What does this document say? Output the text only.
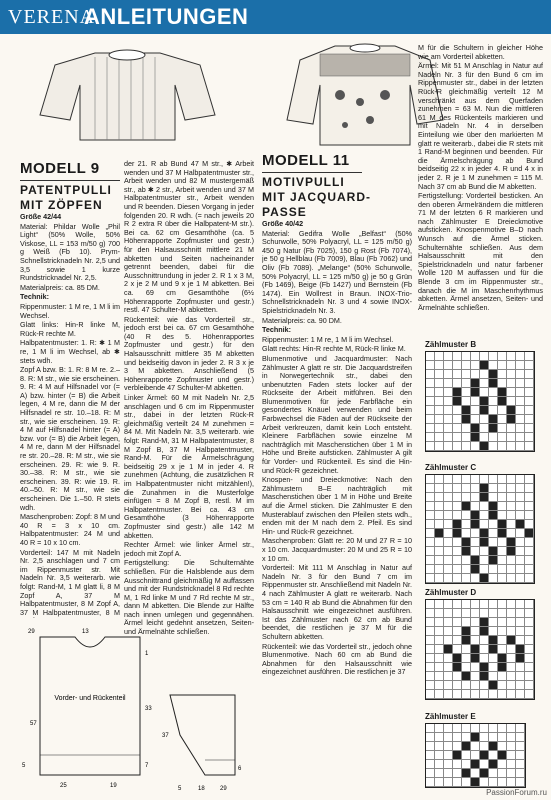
VERENA
ANLEITUNGEN

MODELL 9

PATENTPULLI

MIT ZÖPFEN

Größe 42/44

Material: Phildar Wolle „Phil Light“ (50% Wolle, 50% Viskose, LL = 153 m/50 g) 700 g Weiß (Fb 10). Prym-Schnellstricknadeln Nr. 2,5 und 3,5 sowie 1 kurze Rundstricknadel Nr. 2,5.

Materialpreis: ca. 85 DM.

Technik:

Rippenmuster: 1 M re, 1 M li im Wechsel.

Glatt links: Hin-R linke M, Rück-R rechte M.

Halbpatentmuster: 1. R: ✱ 1 M re, 1 M li im Wechsel, ab ✱ stets wdh.

Zopf A bzw. B: 1. R: 8 M re. 2.–8. R: M str., wie sie erscheinen. 9. R: 4 M auf Hilfsnadel vor (= A) bzw. hinter (= B) die Arbeit legen, 4 M re, dann die M der Hilfsnadel re str. 10.–18. R: M str., wie sie erscheinen. 19. R: 4 M auf Hilfsnadel hinter (= A) bzw. vor (= B) die Arbeit legen, 4 M re, dann M der Hilfsnadel re str. 20.–28. R: M str., wie sie erscheinen. 29. R: wie 9. R. 30.–38. R: M str., wie sie erscheinen. 39. R: wie 19. R. 40.–50. R: M str., wie sie erscheinen. Die 1.–50. R stets wdh.

Maschenproben: Zopf: 8 M und 40 R = 3 x 10 cm. Halbpatentmuster: 24 M und 40 R = 10 x 10 cm.

Vorderteil: 147 M mit Nadeln Nr. 2,5 anschlagen und 7 cm im Rippenmuster str. Mit Nadeln Nr. 3,5 weiterarb. wie folgt: Rand-M, 1 M glatt li, 8 M Zopf A, 37 M Halbpatentmuster, 8 M Zopf A, 37 M Halbpatentmuster, 8 M

der 21. R ab Bund 47 M str., ✱ Arbeit wenden und 37 M Halbpatentmuster str., Arbeit wenden und 82 M mustergemäß str., ab ✱ 2 str., Arbeit wenden und 37 M Halbpatentmuster str., Arbeit wenden und R beenden. Diesen Vorgang in jeder folgenden 20. R wdh. (= nach jeweils 20 R 2 extra R über die Halbpatent-M str.). Bei ca. 62 cm Gesamthöhe (ca. 5 Höhenrapporte Zopfmuster und gestr.) für den Halsausschnitt mittlere 21 M abketten und Seiten nacheinander getrennt beenden, dabei für die Ausschnittrundung in jeder 2. R 1 x 3 M, 2 x je 2 M und 9 x je 1 M abketten. Bei ca. 69 cm Gesamthöhe (6½ Höhenrapporte Zopfmuster und gestr.) restl. 47 Schulter-M abketten.

Rückenteil: wie das Vorderteil str., jedoch erst bei ca. 67 cm Gesamthöhe (40 R des 5. Höhenrapportes Zopfmuster und gestr.) für den Halsausschnitt mittlere 35 M abketten und beidseitig davon in jeder 2. R 3 x je 3 M abketten. Anschließend (5 Höhenrapporte Zopfmuster und gestr.) verbleibende 47 Schulter-M abketten.

Linker Ärmel: 60 M mit Nadeln Nr. 2,5 anschlagen und 6 cm im Rippenmuster str., dabei in der letzten Rück-R gleichmäßig verteilt 24 M zunehmen = 84 M. Mit Nadeln Nr. 3,5 weiterarb. wie folgt: Rand-M, 31 M Halbpatentmuster, 8 M Zopf B, 37 M Halbpatentmuster, Rand-M. Für die Ärmelschrägung beidseitig 29 x je 1 M in jeder 4. R zunehmen (Achtung, die zusätzlichen R im Halbpatentmuster nicht mitzählen!), die Zunahmen in die Musterfolge einfügen = 8 M Zopf B, restl. M im Halbpatentmuster. Bei ca. 43 cm Gesamthöhe (3 Höhenrapporte Zopfmuster sind gestr.) alle 142 M abketten.

Rechter Ärmel: wie linker Ärmel str., jedoch mit Zopf A.

Fertigstellung: Die Schulternähte schließen. Für die Halsblende aus dem Ausschnittrand gleichmäßig M auffassen und mit der Rundstricknadel 8 Rd rechte M, 1 Rd linke M und 7 Rd rechte M str., dann M abketten. Die Blende zur Hälfte nach innen umlegen und gegennähen. Ärmel leicht gedehnt ansetzen, Seiten- und Ärmelnähte schließen.

Vorder- und Rückenteil
29
1
33
7
57
25	19
13
5
18
37
6
29
5

MODELL 11

MOTIVPULLI

MIT JACQUARD-

PASSE

Größe 40/42

Material: Gedifra Wolle „Belfast“ (50% Schurwolle, 50% Polyacryl, LL = 125 m/50 g) 450 g Natur (Fb 7025), 150 g Rost (Fb 7074), je 50 g Hellblau (Fb 7009), Blau (Fb 7062) und Oliv (Fb 7089). „Melange“ (50% Schurwolle, 50% Polyacryl, LL = 125 m/50 g) je 50 g Grün (Fb 1469), Beige (Fb 1427) und Bernstein (Fb 1474). Ein Wollrest in Braun. INOX-Trio-Schnellstricknadeln Nr. 3 und 4 sowie INOX-Spielstricknadeln Nr. 3.

Materialpreis: ca. 90 DM.

Technik:

Rippenmuster: 1 M re, 1 M li im Wechsel.

Glatt rechts: Hin-R rechte M, Rück-R linke M.

Blumenmotive und Jacquardmuster: Nach Zählmuster A glatt re str. Die Jacquardstreifen in Norwegertechnik str., dabei den unbenutzten Faden stets locker auf der Rückseite der Arbeit mitführen. Bei den Blumenmotiven für jede Farbfläche ein gesondertes Knäuel verwenden und beim Farbwechsel die Fäden auf der Rückseite der Arbeit verkreuzen, damit kein Loch entsteht. Kleinere Farbflächen sowie einzelne M nachträglich mit Maschenstichen über 1 M in Höhe und Breite aufsticken. Zählmuster A gilt für Vorder- und Rückenteil. Es sind die Hin- und Rück-R gezeichnet.

Knospen- und Dreieckmotive: Nach den Zählmustern B–E nachträglich mit Maschenstichen über 1 M in Höhe und Breite auf die Ärmel sticken. Die Zählmuster E den Musterablauf zwischen den Pfeilen stets wdh., enden mit der M nach dem 2. Pfeil. Es sind Hin- und Rück-R gezeichnet.

Maschenproben: Glatt re: 20 M und 27 R = 10 x 10 cm. Jacquardmuster: 20 M und 25 R = 10 x 10 cm.

Vorderteil: Mit 111 M Anschlag in Natur auf Nadeln Nr. 3 für den Bund 7 cm im Rippenmuster str. Anschließend mit Nadeln Nr. 4 nach Zählmuster A glatt re weiterarb. Nach 53 cm = 140 R ab Bund die Abnahmen für den Halsausschnitt wie eingezeichnet ausführen. Ist das Zählmuster nach 62 cm ab Bund beendet, die restlichen je 37 M für die Schultern abketten.

Rückenteil: wie das Vorderteil str., jedoch ohne Blumenmotive. Nach 60 cm ab Bund die Abnahmen für den Halsausschnitt wie eingezeichnet ausführen. Die restlichen je 37

M für die Schultern in gleicher Höhe wie am Vorderteil abketten.

Ärmel: Mit 51 M Anschlag in Natur auf Nadeln Nr. 3 für den Bund 6 cm im Rippenmuster str., dabei in der letzten Rück-R gleichmäßig verteilt 12 M verschränkt aus dem Querfaden zunehmen = 63 M. Nun die mittleren 61 M des Rückenteils markieren und mit Nadeln Nr. 4 in derselben Einteilung wie über den markierten M glatt re weiterarb., dabei die R stets mit 1 Rand-M beginnen und beenden. Für die Ärmelschrägung ab Bund beidseitig 22 x in jeder 4. R und 4 x in jeder 2. R je 1 M zunehmen = 115 M. Nach 37 cm ab Bund die M abketten.

Fertigstellung: Vorderteil besticken. An den oberen Ärmelrändern die mittleren 71 M der letzten 6 R markieren und nach Zählmuster E Dreieckmotive aufsticken. Knospenmotive B–D nach Wunsch auf die Ärmel sticken. Schulternähte schließen. Aus dem Halsausschnitt mit den Spielstricknadeln und natur farbener Wolle 120 M auffassen und für die Blende 3 cm im Rippenmuster str., danach die M im Maschenrhythmus abketten. Ärmel ansetzen, Seiten- und Ärmelnähte schließen.

Zählmuster B
Zählmuster C
Zählmuster D
Zählmuster E
PassionForum.ru
